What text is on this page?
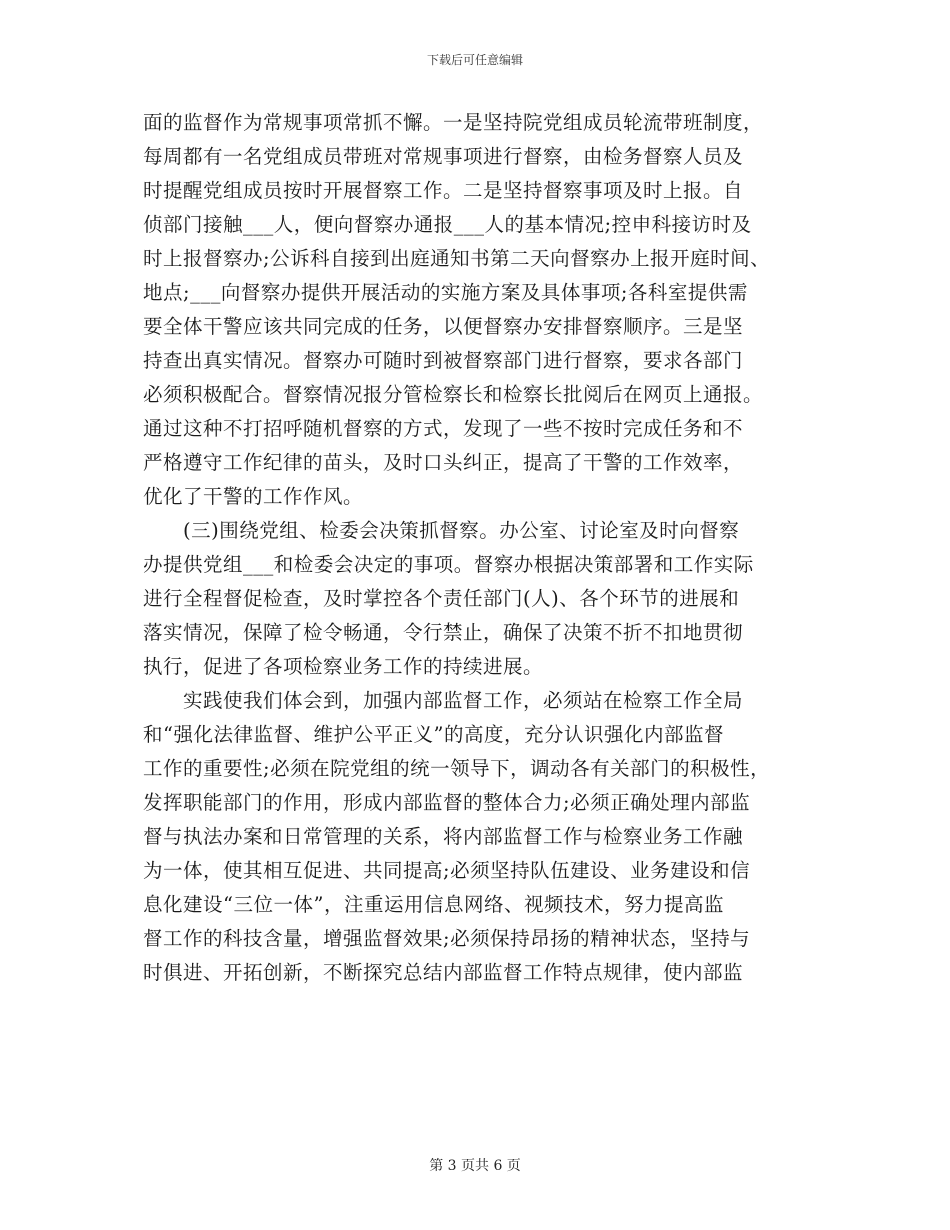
下载后可任意编辑
面的监督作为常规事项常抓不懈。一是坚持院党组成员轮流带班制度，
每周都有一名党组成员带班对常规事项进行督察，由检务督察人员及
时提醒党组成员按时开展督察工作。二是坚持督察事项及时上报。自
侦部门接触___人，便向督察办通报___人的基本情况;控申科接访时及
时上报督察办;公诉科自接到出庭通知书第二天向督察办上报开庭时间、
地点;___向督察办提供开展活动的实施方案及具体事项;各科室提供需
要全体干警应该共同完成的任务，以便督察办安排督察顺序。三是坚
持查出真实情况。督察办可随时到被督察部门进行督察，要求各部门
必须积极配合。督察情况报分管检察长和检察长批阅后在网页上通报。
通过这种不打招呼随机督察的方式，发现了一些不按时完成任务和不
严格遵守工作纪律的苗头，及时口头纠正，提高了干警的工作效率，
优化了干警的工作作风。
(三)围绕党组、检委会决策抓督察。办公室、讨论室及时向督察
办提供党组___和检委会决定的事项。督察办根据决策部署和工作实际
进行全程督促检查，及时掌控各个责任部门(人)、各个环节的进展和
落实情况，保障了检令畅通，令行禁止，确保了决策不折不扣地贯彻
执行，促进了各项检察业务工作的持续进展。
实践使我们体会到，加强内部监督工作，必须站在检察工作全局
和“强化法律监督、维护公平正义”的高度，充分认识强化内部监督
工作的重要性;必须在院党组的统一领导下，调动各有关部门的积极性，
发挥职能部门的作用，形成内部监督的整体合力;必须正确处理内部监
督与执法办案和日常管理的关系，将内部监督工作与检察业务工作融
为一体，使其相互促进、共同提高;必须坚持队伍建设、业务建设和信
息化建设“三位一体”，注重运用信息网络、视频技术，努力提高监
督工作的科技含量，增强监督效果;必须保持昂扬的精神状态，坚持与
时俱进、开拓创新，不断探究总结内部监督工作特点规律，使内部监
第 3 页共 6 页
